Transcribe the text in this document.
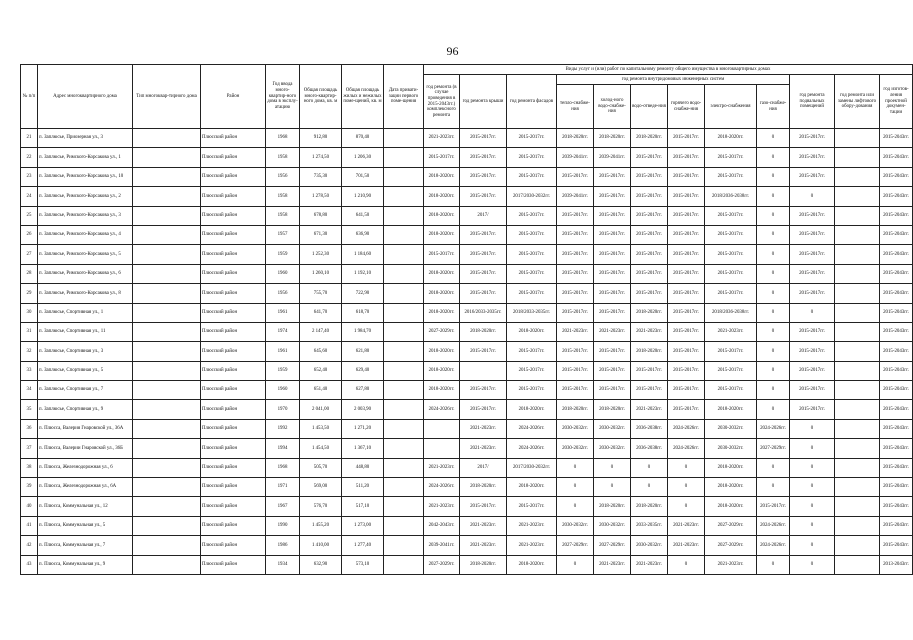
96
№ п/п	Адрес многоквартирного дома	Тип многоквар-тирного дома	Район	Год ввода много-квартир-ного дома в эксплу-атацию	Общая площадь много-квартир-ного дома, кв. м	Общая площадь жилых и нежилых поме-щений, кв. м	Дата привати-зации первого поме-щения	Виды услуг и (или) работ по капитальному ремонту общего имущества в многоквартирных домах											
								год ремонта (в случае проведения в 2015-2043гг.) комплексного ремонта	год ремонта крыши	год ремонта фасадов	год ремонта внутридомовых инженерных систем						год ремонта подвальных помещений	год ремонта или замены лифтового обору-дования	год изготов-ления проектной докумен-тации
											тепло-снабже-ния	холод-ного водо-снабже-ния	водо-отведе-ния	горячего водо-снабже-ния	электро-снабжения	газо-снабже-ния			
21	п. Заплюсье, Приозерная ул., 3		Плюсский район	1968	912,80	870,40		2021-2023гг.	2015-2017гг.	2015-2017гг.	2018-2020гг.	2018-2020гг.	2018-2020гг.	2015-2017гг.	2018-2020гг.	0	2015-2017гг.		2015-2043гг.
22	п. Заплюсье, Римского-Корсакова ул., 1		Плюсский район	1958	1 274,50	1 206,30		2015-2017гг.	2015-2017гг.	2015-2017гг.	2039-2041гг.	2039-2041гг.	2015-2017гг.	2015-2017гг.	2015-2017гг.	0	2015-2017гг.		2015-2043гг.
23	п. Заплюсье, Римского-Корсакова ул., 10		Плюсский район	1956	735,30	701,50		2018-2020гг.	2015-2017гг.	2015-2017гг.	2015-2017гг.	2015-2017гг.	2015-2017гг.	2015-2017гг.	2015-2017гг.	0	2015-2017гг.		2015-2043гг.
24	п. Заплюсье, Римского-Корсакова ул., 2		Плюсский район	1958	1 278,50	1 210,90		2018-2020гг.	2015-2017гг.	2017/2030-2032гг.	2039-2041гг.	2015-2017гг.	2015-2017гг.	2015-2017гг.	2018/2036-2038гг.	0	0		2015-2043гг.
25	п. Заплюсье, Римского-Корсакова ул., 3		Плюсский район	1958	678,80	641,50		2018-2020гг.	2017/	2015-2017гг.	2015-2017гг.	2015-2017гг.	2015-2017гг.	2015-2017гг.	2015-2017гг.	0	2015-2017гг.		2015-2043гг.
26	п. Заплюсье, Римского-Корсакова ул., 4		Плюсский район	1957	671,30	636,90		2018-2020гг.	2015-2017гг.	2015-2017гг.	2015-2017гг.	2015-2017гг.	2015-2017гг.	2015-2017гг.	2015-2017гг.	0	2015-2017гг.		2015-2043гг.
27	п. Заплюсье, Римского-Корсакова ул., 5		Плюсский район	1959	1 252,30	1 184,60		2015-2017гг.	2015-2017гг.	2015-2017гг.	2015-2017гг.	2015-2017гг.	2015-2017гг.	2015-2017гг.	2015-2017гг.	0	2015-2017гг.		2015-2043гг.
28	п. Заплюсье, Римского-Корсакова ул., 6		Плюсский район	1960	1 260,10	1 192,10		2018-2020гг.	2015-2017гг.	2015-2017гг.	2015-2017гг.	2015-2017гг.	2015-2017гг.	2015-2017гг.	2015-2017гг.	0	2015-2017гг.		2015-2043гг.
29	п. Заплюсье, Римского-Корсакова ул., 8		Плюсский район	1956	755,70	722,90		2018-2020гг.	2015-2017гг.	2015-2017гг.	2015-2017гг.	2015-2017гг.	2015-2017гг.	2015-2017гг.	2015-2017гг.	0	2015-2017гг.		2015-2043гг.
30	п. Заплюсье, Спортивная ул., 1		Плюсский район	1961	641,70	618,70		2018-2020гг.	2016/2033-2035гг.	2018/2033-2035гг.	2015-2017гг.	2015-2017гг.	2018-2020гг.	2015-2017гг.	2018/2036-2038гг.	0	0		2015-2043гг.
31	п. Заплюсье, Спортивная ул., 11		Плюсский район	1974	2 147,40	1 984,70		2027-2029гг.	2018-2020гг.	2018-2020гг.	2021-2023гг.	2021-2023гг.	2021-2023гг.	2015-2017гг.	2021-2023гг.	0	2015-2017гг.		2015-2043гг.
32	п. Заплюсье, Спортивная ул., 3		Плюсский район	1961	645,60	621,80		2018-2020гг.	2015-2017гг.	2015-2017гг.	2015-2017гг.	2015-2017гг.	2018-2020гг.	2015-2017гг.	2015-2017гг.	0	2015-2017гг.		2015-2043гг.
33	п. Заплюсье, Спортивная ул., 5		Плюсский район	1959	652,40	629,40		2018-2020гг.		2015-2017гг.	2015-2017гг.	2015-2017гг.	2015-2017гг.	2015-2017гг.	2015-2017гг.	0	2015-2017гг.		2015-2043гг.
34	п. Заплюсье, Спортивная ул., 7		Плюсский район	1960	651,40	627,80		2018-2020гг.	2015-2017гг.	2015-2017гг.	2015-2017гг.	2015-2017гг.	2015-2017гг.	2015-2017гг.	2015-2017гг.	0	2015-2017гг.		2015-2043гг.
35	п. Заплюсье, Спортивная ул., 9		Плюсский район	1970	2 041,00	2 003,90		2024-2026гг.	2015-2017гг.	2018-2020гг.	2018-2020гг.	2018-2020гг.	2021-2023гг.	2015-2017гг.	2018-2020гг.	0	2015-2017гг.		2015-2043гг.
36	п. Плюсса, Валерия Гнаровской ул., 36А		Плюсский район	1992	1 453,50	1 271,20			2021-2023гг.	2024-2026гг.	2030-2032гг.	2030-2032гг.	2036-2038гг.	2024-2026гг.	2030-2032гг.	2024-2026гг.	0		2015-2043гг.
37	п. Плюсса, Валерии Гнаровской ул., 36Б		Плюсский район	1994	1 454,50	1 367,10			2021-2023гг.	2024-2026гг.	2030-2032гг.	2030-2032гг.	2036-2038гг.	2024-2026гг.	2030-2032гг.	2027-2029гг.	0		2015-2043гг.
38	п. Плюсса, Железнодорожная ул., 6		Плюсский район	1968	505,70	448,80		2021-2023гг.	2017/	2017/2030-2032гг.	0	0	0	0	2018-2020гг.	0	0		2015-2043гг.
39	п. Плюсса, Железнодорожная ул., 6А		Плюсский район	1971	569,00	511,20		2024-2026гг.	2018-2020гг.	2018-2020гг.	0	0	0	0	2018-2020гг.	0	0		2015-2043гг.
40	п. Плюсса, Коммунальная ул., 12		Плюсский район	1967	576,70	517,10		2021-2023гг.	2015-2017гг.	2015-2017гг.	0	2018-2020гг.	2018-2020гг.	0	2018-2020гг.	2015-2017гг.	0		2015-2043гг.
41	п. Плюсса, Коммунальная ул., 5		Плюсский район	1990	1 455,20	1 273,00		2042-2043гг.	2021-2023гг.	2021-2023гг.	2030-2032гг.	2030-2032гг.	2033-2035гг.	2021-2023гг.	2027-2029гг.	2024-2026гг.	0		2015-2043гг.
42	п. Плюсса, Коммунальная ул., 7		Плюсский район	1986	1 410,00	1 277,40		2039-2041гг.	2021-2023гг.	2021-2023гг.	2027-2029гг.	2027-2029гг.	2030-2032гг.	2021-2023гг.	2027-2029гг.	2024-2026гг.	0		2015-2043гг.
43	п. Плюсса, Коммунальная ул., 9		Плюсский район	1934	632,90	573,10		2027-2029гг.	2018-2020гг.	2018-2020гг.	0	2021-2023гг.	2021-2023гг.	0	2021-2023гг.	0	0		2013-2043гг.
